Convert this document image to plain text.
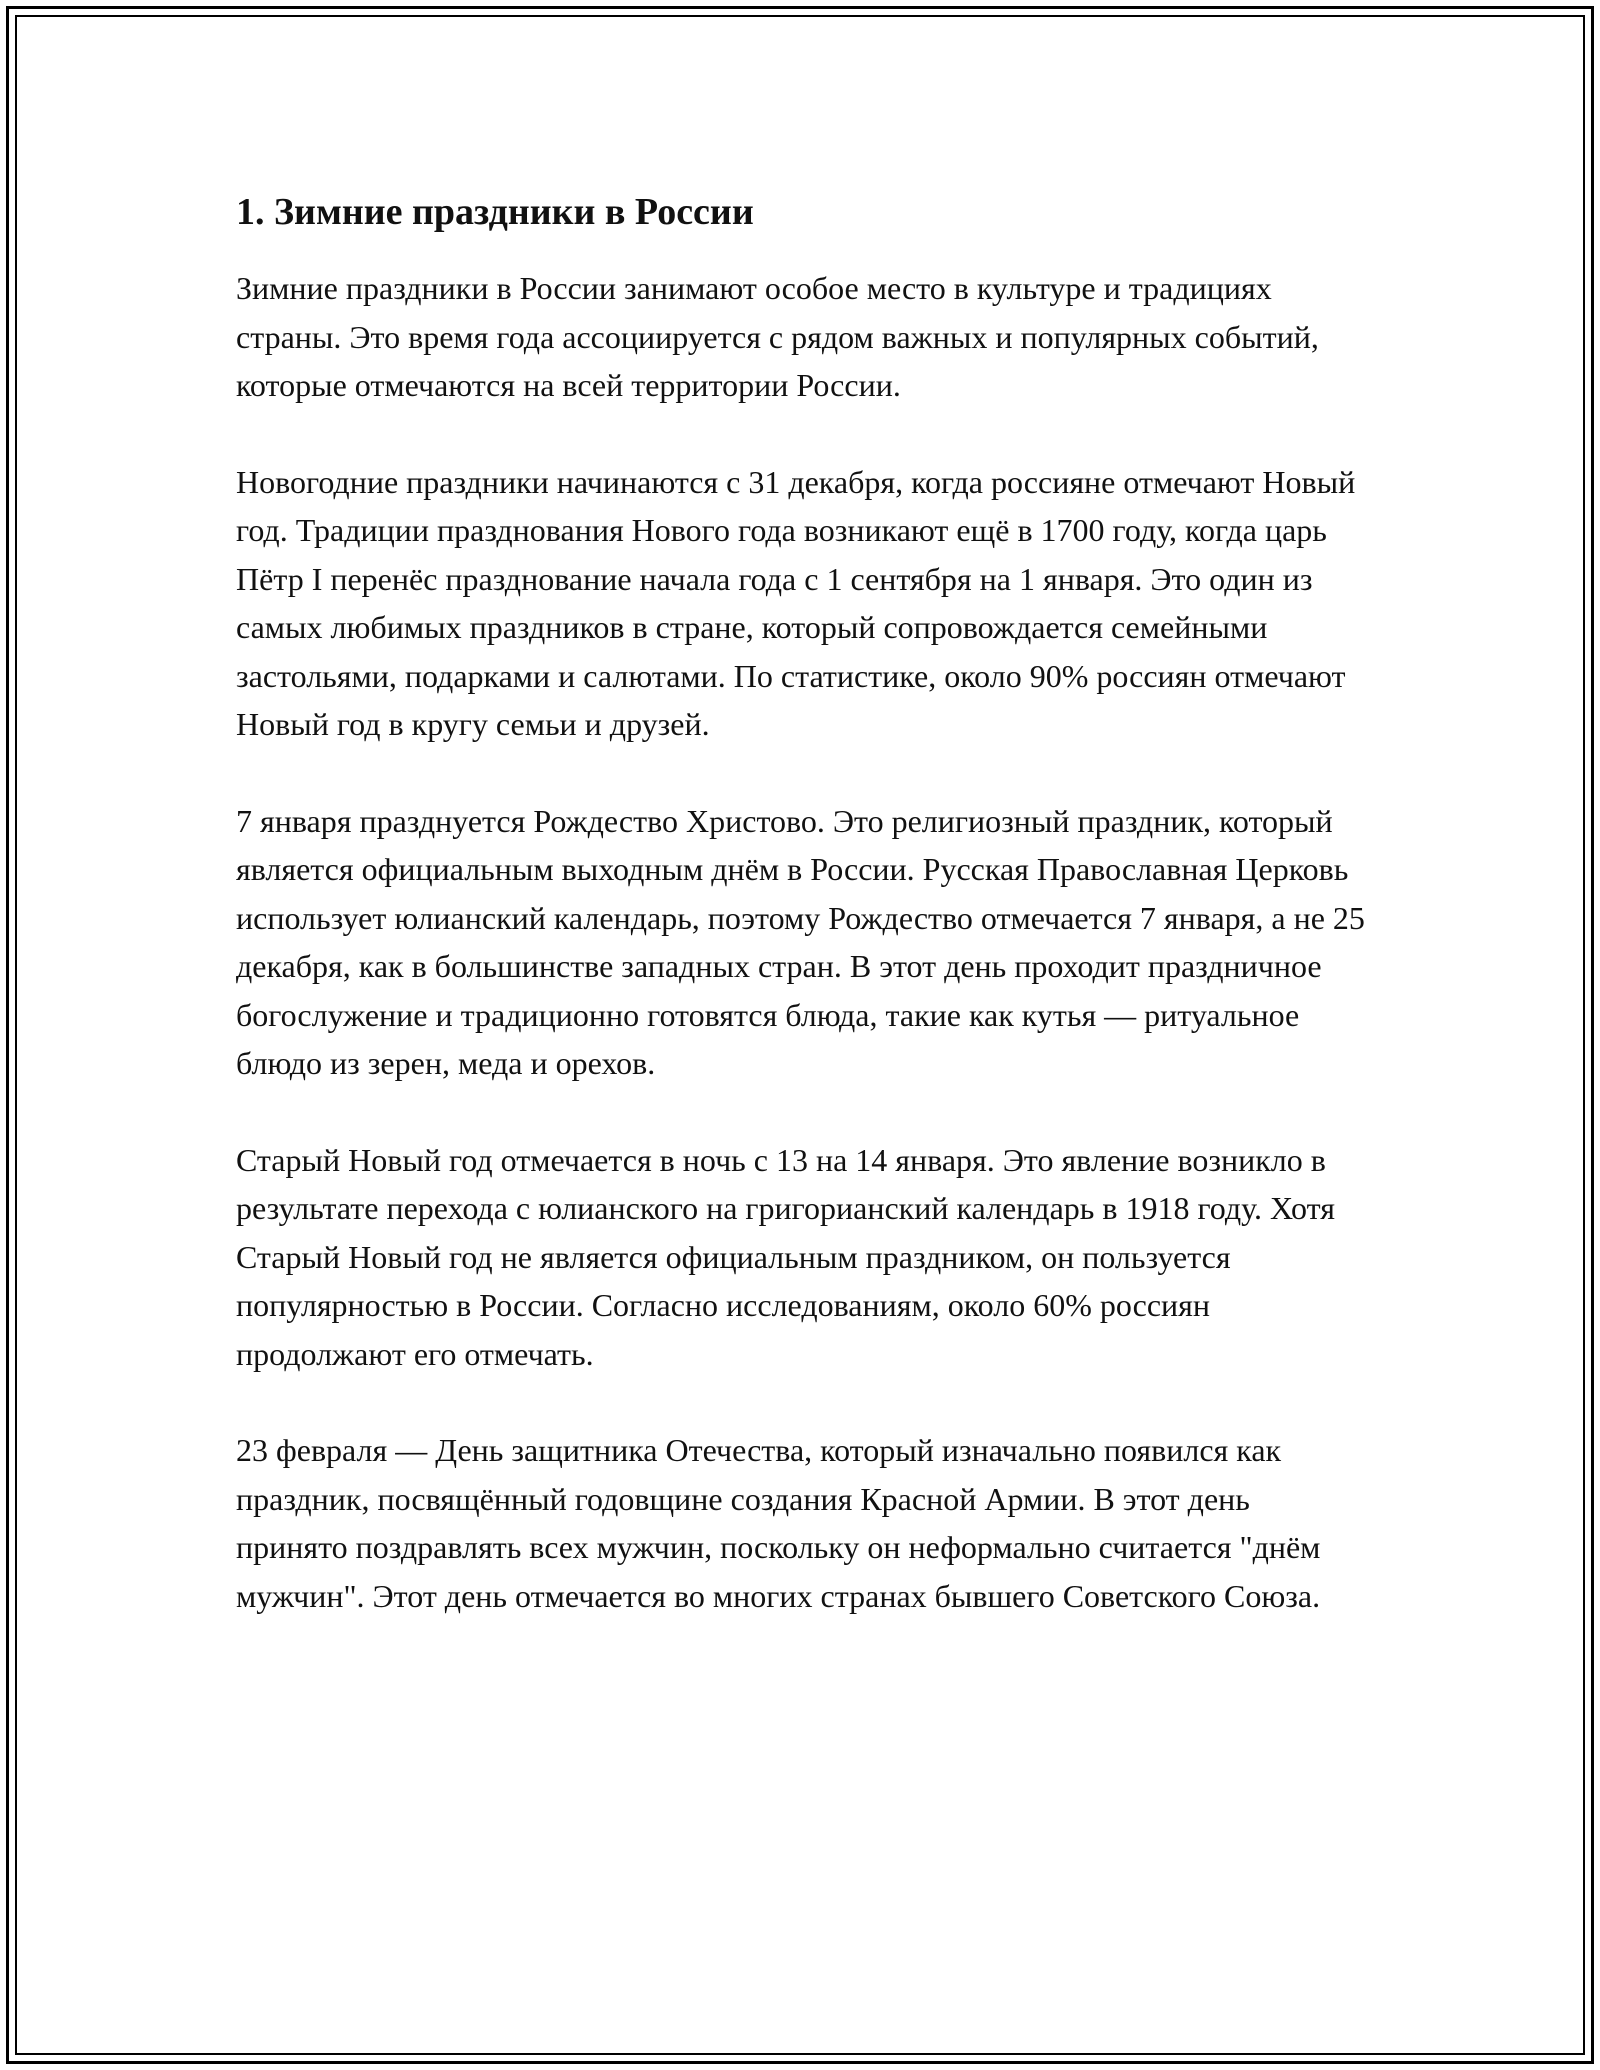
1. Зимние праздники в России

Зимние праздники в России занимают особое место в культуре и традициях страны. Это время года ассоциируется с рядом важных и популярных событий, которые отмечаются на всей территории России.

Новогодние праздники начинаются с 31 декабря, когда россияне отмечают Новый год. Традиции празднования Нового года возникают ещё в 1700 году, когда царь Пётр I перенёс празднование начала года с 1 сентября на 1 января. Это один из самых любимых праздников в стране, который сопровождается семейными застольями, подарками и салютами. По статистике, около 90% россиян отмечают Новый год в кругу семьи и друзей.

7 января празднуется Рождество Христово. Это религиозный праздник, который является официальным выходным днём в России. Русская Православная Церковь использует юлианский календарь, поэтому Рождество отмечается 7 января, а не 25 декабря, как в большинстве западных стран. В этот день проходит праздничное богослужение и традиционно готовятся блюда, такие как кутья — ритуальное блюдо из зерен, меда и орехов.

Старый Новый год отмечается в ночь с 13 на 14 января. Это явление возникло в результате перехода с юлианского на григорианский календарь в 1918 году. Хотя Старый Новый год не является официальным праздником, он пользуется популярностью в России. Согласно исследованиям, около 60% россиян продолжают его отмечать.

23 февраля — День защитника Отечества, который изначально появился как праздник, посвящённый годовщине создания Красной Армии. В этот день принято поздравлять всех мужчин, поскольку он неформально считается "днём мужчин". Этот день отмечается во многих странах бывшего Советского Союза.
